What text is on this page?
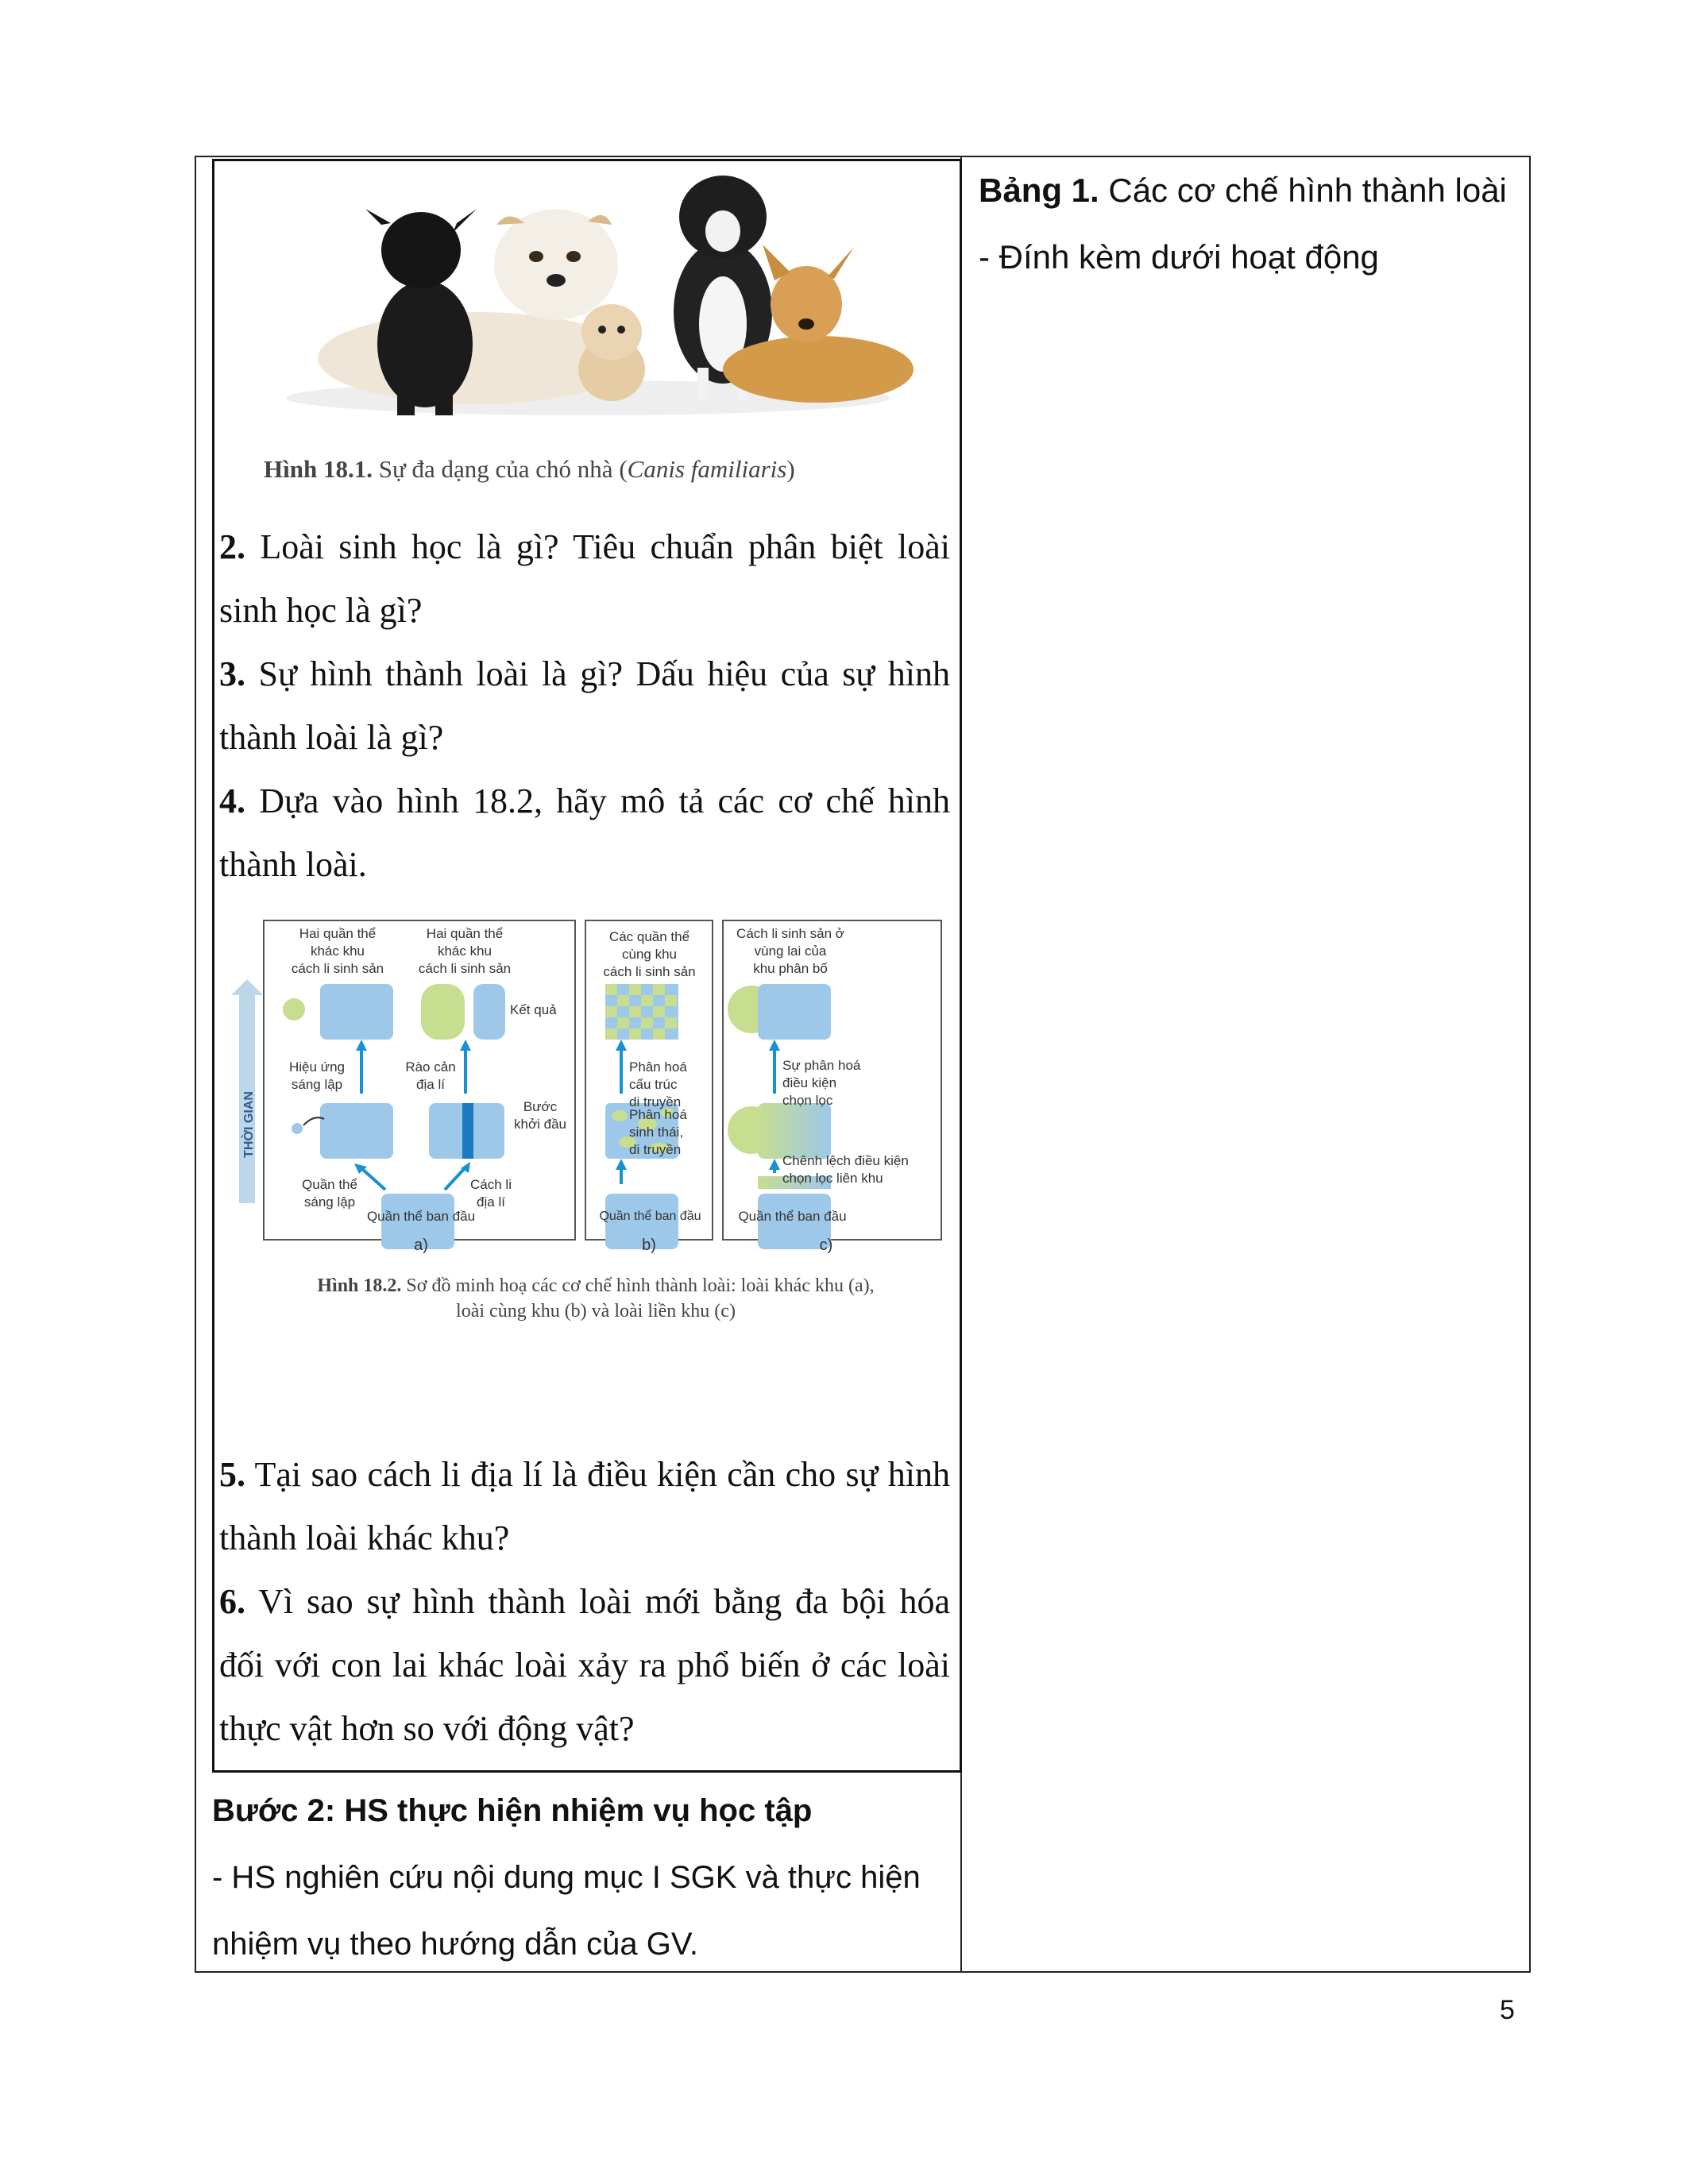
Hình 18.1. Sự đa dạng của chó nhà (Canis familiaris)

2. Loài sinh học là gì? Tiêu chuẩn phân biệt loài sinh học là gì?

3. Sự hình thành loài là gì? Dấu hiệu của sự hình thành loài là gì?

4. Dựa vào hình 18.2, hãy mô tả các cơ chế hình thành loài.

THỜI GIAN
Hai quần thể
khác khu
cách li sinh sản
Hai quần thể
khác khu
cách li sinh sản
Kết quả
Hiệu ứng
sáng lập
Rào cản
địa lí
Bước
khởi đầu
Quần thể
sáng lập
Cách li
địa lí
Quần thể ban đầu
a)
Các quần thể
cùng khu
cách li sinh sản
Phân hoá
cấu trúc
di truyền
Phân hoá
sinh thái,
di truyền
Quần thể ban đầu
b)
Cách li sinh sản ở
vùng lai của
khu phân bố
Sự phân hoá
điều kiện
chọn lọc
Chênh lệch điều kiện
chọn lọc liên khu
Quần thể ban đầu
c)
Hình 18.2. Sơ đồ minh hoạ các cơ chế hình thành loài: loài khác khu (a),
loài cùng khu (b) và loài liền khu (c)

5. Tại sao cách li địa lí là điều kiện cần cho sự hình thành loài khác khu?

6. Vì sao sự hình thành loài mới bằng đa bội hóa đối với con lai khác loài xảy ra phổ biến ở các loài thực vật hơn so với động vật?

Bước 2: HS thực hiện nhiệm vụ học tập

- HS nghiên cứu nội dung mục I SGK và thực hiện nhiệm vụ theo hướng dẫn của GV.

Bảng 1. Các cơ chế hình thành loài

- Đính kèm dưới hoạt động

5
